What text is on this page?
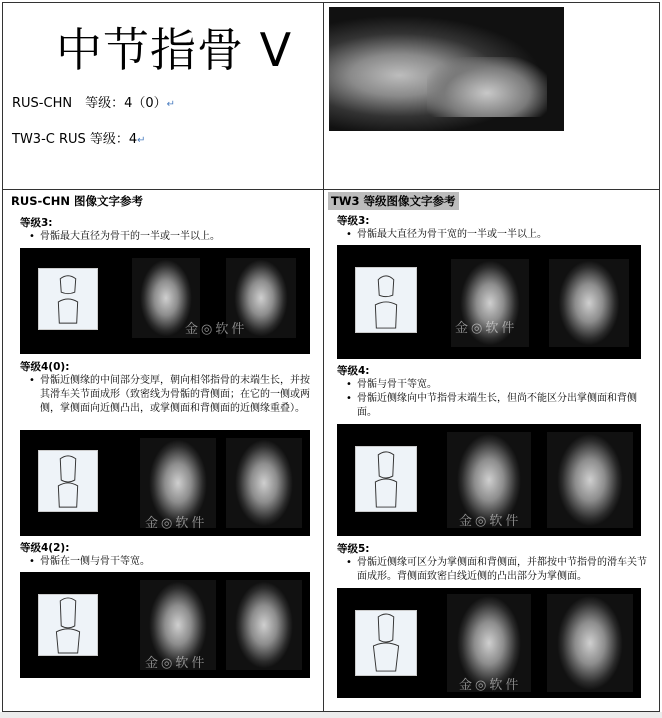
中节指骨 V
RUS-CHN　等级：4（0）↵
TW3-C RUS 等级：4↵
RUS-CHN 图像文字参考	TW3 等级图像文字参考
等级3:
• 骨骺最大直径为骨干的一半或一半以上。
金◎软件
等级4(0):
• 骨骺近侧缘的中间部分变厚，朝向相邻指骨的末端生长，并按其滑车关节面成形（致密线为骨骺的背侧面；在它的一侧或两侧，掌侧面向近侧凸出，或掌侧面和背侧面的近侧缘重叠）。
金◎软件
等级4(2):
• 骨骺在一侧与骨干等宽。
金◎软件
等级3:
• 骨骺最大直径为骨干宽的一半或一半以上。
金◎软件
等级4:
• 骨骺与骨干等宽。
• 骨骺近侧缘向中节指骨末端生长，但尚不能区分出掌侧面和背侧面。
金◎软件
等级5:
• 骨骺近侧缘可区分为掌侧面和背侧面，并都按中节指骨的滑车关节面成形。背侧面致密白线近侧的凸出部分为掌侧面。
金◎软件
